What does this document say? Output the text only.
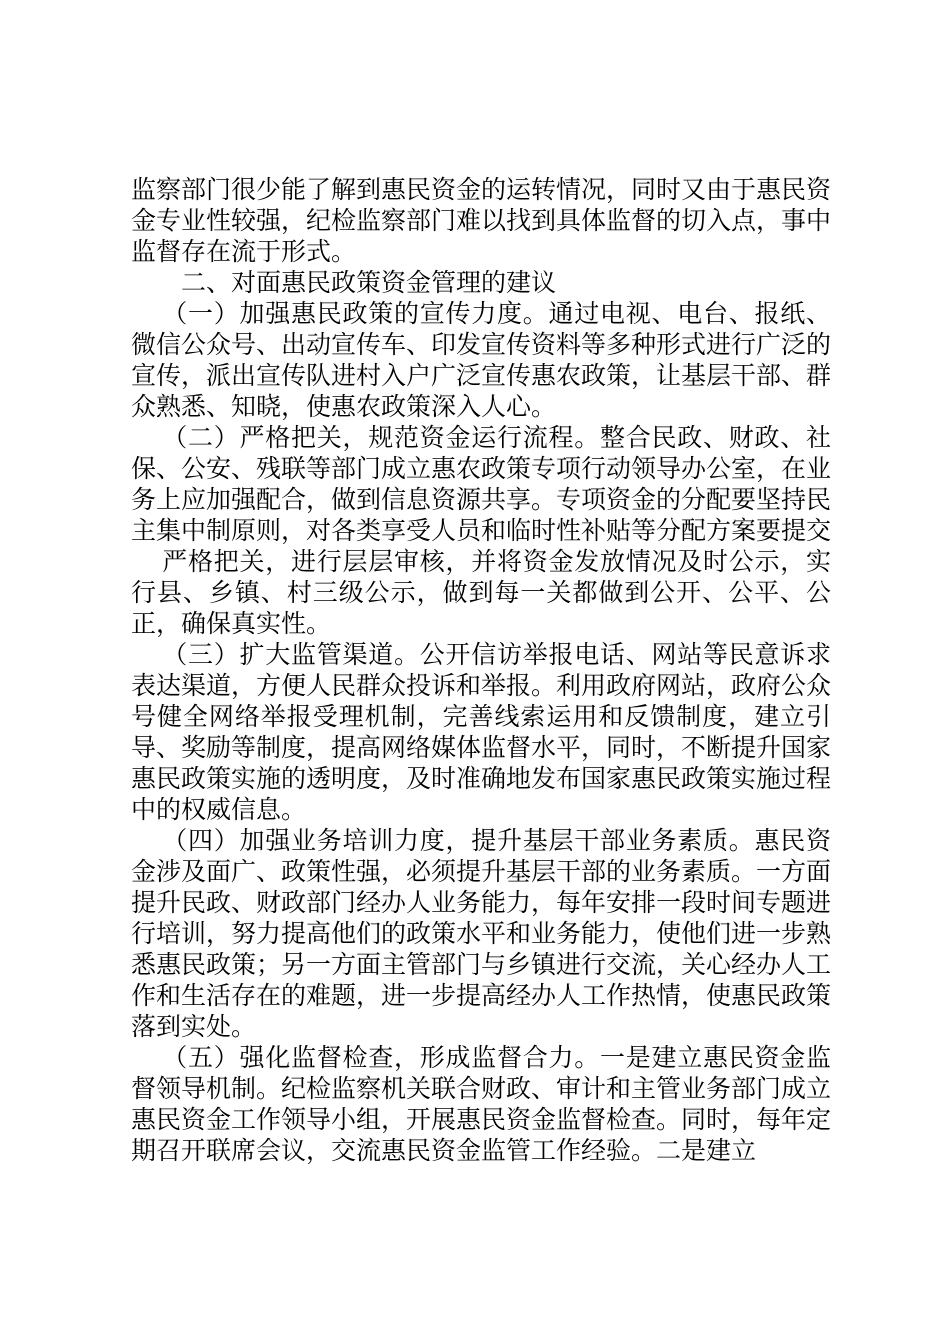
监察部门很少能了解到惠民资金的运转情况，同时又由于惠民资金专业性较强，纪检监察部门难以找到具体监督的切入点，事中监督存在流于形式。

二、对面惠民政策资金管理的建议

（一）加强惠民政策的宣传力度。通过电视、电台、报纸、微信公众号、出动宣传车、印发宣传资料等多种形式进行广泛的宣传，派出宣传队进村入户广泛宣传惠农政策，让基层干部、群众熟悉、知晓，使惠农政策深入人心。

（二）严格把关，规范资金运行流程。整合民政、财政、社保、公安、残联等部门成立惠农政策专项行动领导办公室，在业务上应加强配合，做到信息资源共享。专项资金的分配要坚持民主集中制原则，对各类享受人员和临时性补贴等分配方案要提交

严格把关，进行层层审核，并将资金发放情况及时公示，实行县、乡镇、村三级公示，做到每一关都做到公开、公平、公正，确保真实性。

（三）扩大监管渠道。公开信访举报电话、网站等民意诉求表达渠道，方便人民群众投诉和举报。利用政府网站，政府公众号健全网络举报受理机制，完善线索运用和反馈制度，建立引导、奖励等制度，提高网络媒体监督水平，同时，不断提升国家惠民政策实施的透明度，及时准确地发布国家惠民政策实施过程中的权威信息。

（四）加强业务培训力度，提升基层干部业务素质。惠民资金涉及面广、政策性强，必须提升基层干部的业务素质。一方面提升民政、财政部门经办人业务能力，每年安排一段时间专题进行培训，努力提高他们的政策水平和业务能力，使他们进一步熟悉惠民政策；另一方面主管部门与乡镇进行交流，关心经办人工作和生活存在的难题，进一步提高经办人工作热情，使惠民政策落到实处。

（五）强化监督检查，形成监督合力。一是建立惠民资金监督领导机制。纪检监察机关联合财政、审计和主管业务部门成立惠民资金工作领导小组，开展惠民资金监督检查。同时，每年定期召开联席会议，交流惠民资金监管工作经验。二是建立
